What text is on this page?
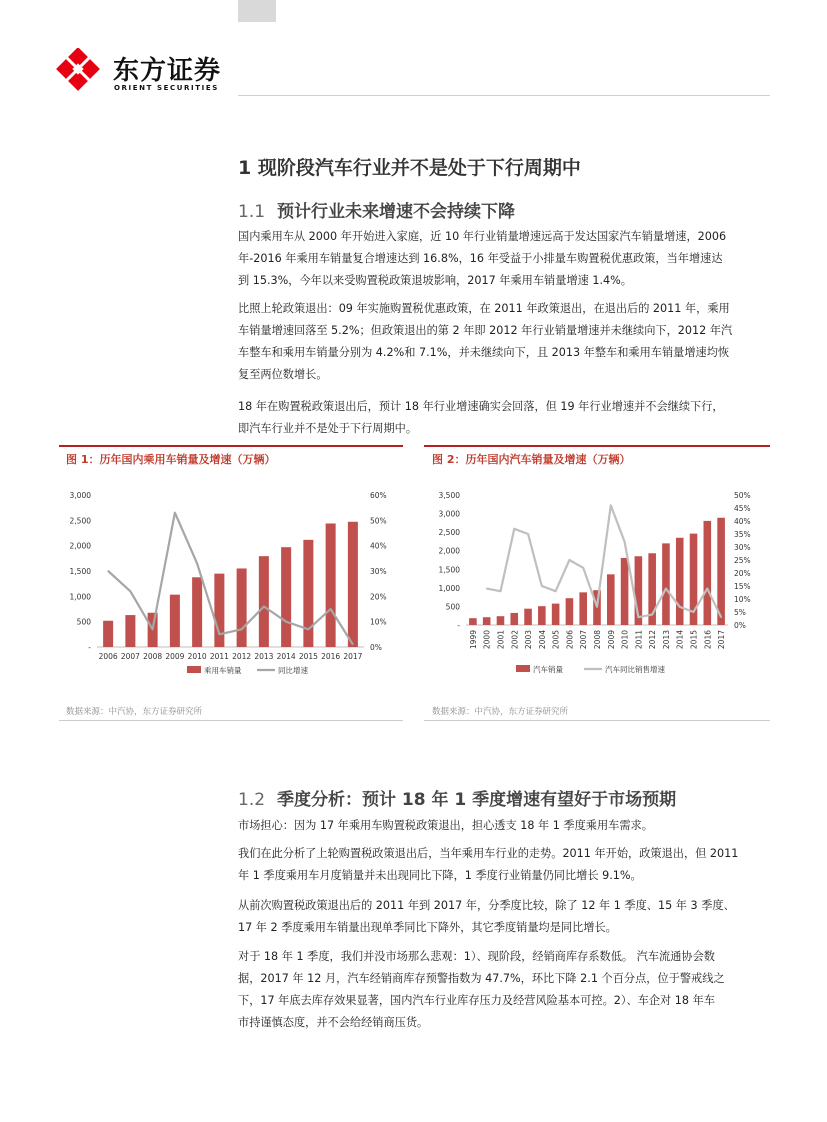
东方证券
ORIENT SECURITIES
1 现阶段汽车行业并不是处于下行周期中
1.1 预计行业未来增速不会持续下降
国内乘用车从 2000 年开始进入家庭，近 10 年行业销量增速远高于发达国家汽车销量增速，2006
年-2016 年乘用车销量复合增速达到 16.8%，16 年受益于小排量车购置税优惠政策，当年增速达
到 15.3%，今年以来受购置税政策退坡影响，2017 年乘用车销量增速 1.4%。
比照上轮政策退出：09 年实施购置税优惠政策，在 2011 年政策退出，在退出后的 2011 年，乘用
车销量增速回落至 5.2%；但政策退出的第 2 年即 2012 年行业销量增速并未继续向下，2012 年汽
车整车和乘用车销量分别为 4.2%和 7.1%，并未继续向下，且 2013 年整车和乘用车销量增速均恢
复至两位数增长。
18 年在购置税政策退出后，预计 18 年行业增速确实会回落，但 19 年行业增速并不会继续下行，
即汽车行业并不是处于下行周期中。
图 1：历年国内乘用车销量及增速（万辆）
-
500
1,000
1,500
2,000
2,500
3,000
0%
10%
20%
30%
40%
50%
60%
2006 2007 2008 2009 2010 2011 2012 2013 2014 2015 2016 2017
乘用车销量	同比增速
数据来源：中汽协，东方证券研究所
图 2：历年国内汽车销量及增速（万辆）
-
500
1,000
1,500
2,000
2,500
3,000
3,500
0%
5%
10%
15%
20%
25%
30%
35%
40%
45%
50%
1999 2000 2001 2002 2003 2004 2005 2006 2007 2008 2009 2010 2011 2012 2013 2014 2015 2016 2017
汽车销量	汽车同比销售增速
数据来源：中汽协，东方证券研究所
1.2 季度分析：预计 18 年 1 季度增速有望好于市场预期
市场担心：因为 17 年乘用车购置税政策退出，担心透支 18 年 1 季度乘用车需求。
我们在此分析了上轮购置税政策退出后，当年乘用车行业的走势。2011 年开始，政策退出，但 2011
年 1 季度乘用车月度销量并未出现同比下降，1 季度行业销量仍同比增长 9.1%。
从前次购置税政策退出后的 2011 年到 2017 年，分季度比较，除了 12 年 1 季度、15 年 3 季度、
17 年 2 季度乘用车销量出现单季同比下降外，其它季度销量均是同比增长。
对于 18 年 1 季度，我们并没市场那么悲观：1）、现阶段，经销商库存系数低。 汽车流通协会数
据，2017 年 12 月，汽车经销商库存预警指数为 47.7%，环比下降 2.1 个百分点，位于警戒线之
下，17 年底去库存效果显著，国内汽车行业库存压力及经营风险基本可控。2）、车企对 18 年车
市持谨慎态度，并不会给经销商压货。
